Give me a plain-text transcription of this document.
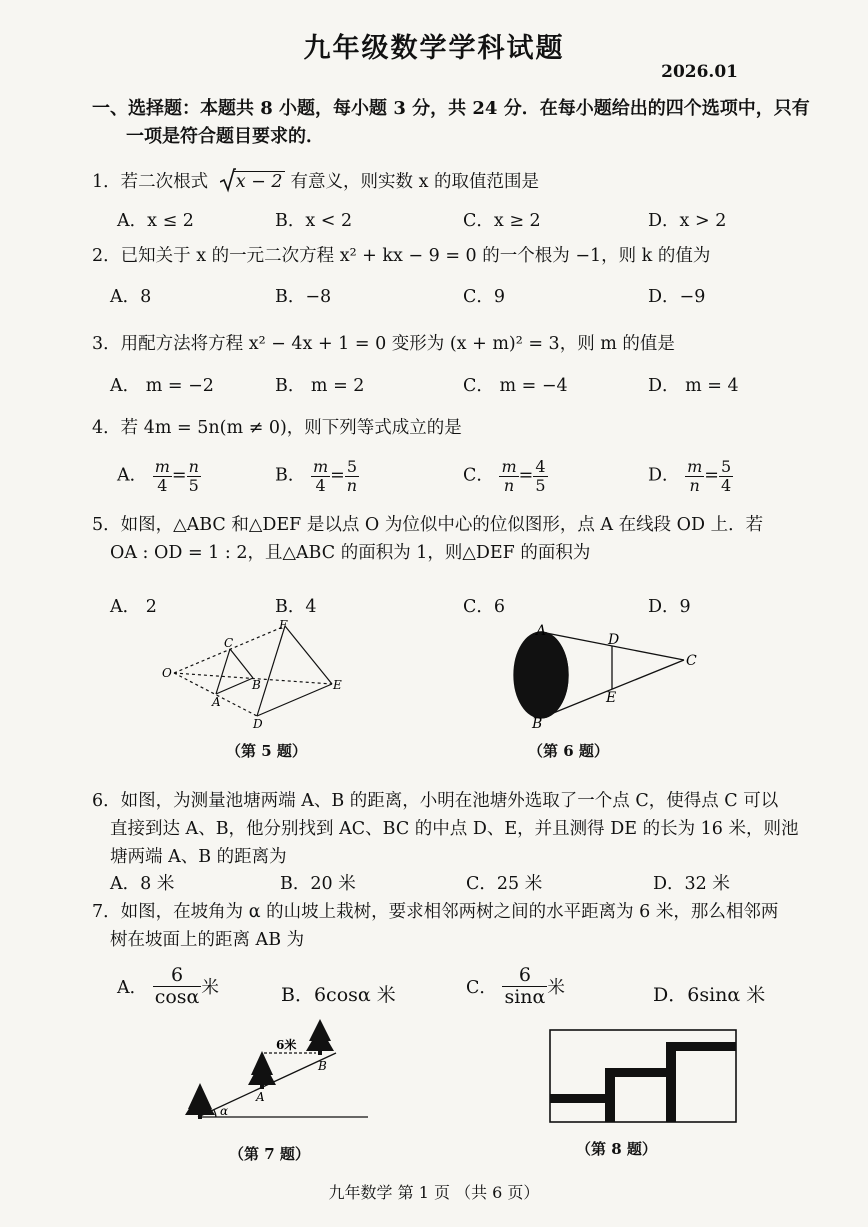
九年级数学学科试题
2026.01
一、选择题：本题共 8 小题，每小题 3 分，共 24 分．在每小题给出的四个选项中，只有
一项是符合题目要求的．
1．若二次根式 x − 2 有意义，则实数 x 的取值范围是
A．x ≤ 2	B．x < 2	C．x ≥ 2	D．x > 2
2．已知关于 x 的一元二次方程 x² + kx − 9 = 0 的一个根为 −1，则 k 的值为
A．8	B．−8	C．9	D．−9
3．用配方法将方程 x² − 4x + 1 = 0 变形为 (x + m)² = 3，则 m 的值是
A． m = −2	B． m = 2	C． m = −4	D． m = 4
4．若 4m = 5n(m ≠ 0)，则下列等式成立的是
A． $\frac{m}{4} = \frac{n}{5}$	B． $\frac{m}{4} = \frac{5}{n}$	C． $\frac{m}{n} = \frac{4}{5}$	D． $\frac{m}{n} = \frac{5}{4}$
5．如图，△ABC 和△DEF 是以点 O 为位似中心的位似图形，点 A 在线段 OD 上．若
OA : OD = 1 : 2，且△ABC 的面积为 1，则△DEF 的面积为
A． 2	B．4	C．6	D．9
O
C
B
A
F
E
D
（第 5 题）
A
D
C
E
B
（第 6 题）
6．如图，为测量池塘两端 A、B 的距离，小明在池塘外选取了一个点 C，使得点 C 可以
直接到达 A、B，他分别找到 AC、BC 的中点 D、E，并且测得 DE 的长为 16 米，则池
塘两端 A、B 的距离为
A．8 米	B．20 米	C．25 米	D．32 米
7．如图，在坡角为 α 的山坡上栽树，要求相邻两树之间的水平距离为 6 米，那么相邻两
树在坡面上的距离 AB 为
A． $\frac{6}{\cos\alpha}$ 米	B．6cosα 米	C． $\frac{6}{\sin\alpha}$ 米	D．6sinα 米
6米
A
B
α
（第 7 题）	（第 8 题）
九年数学 第 1 页 （共 6 页）
